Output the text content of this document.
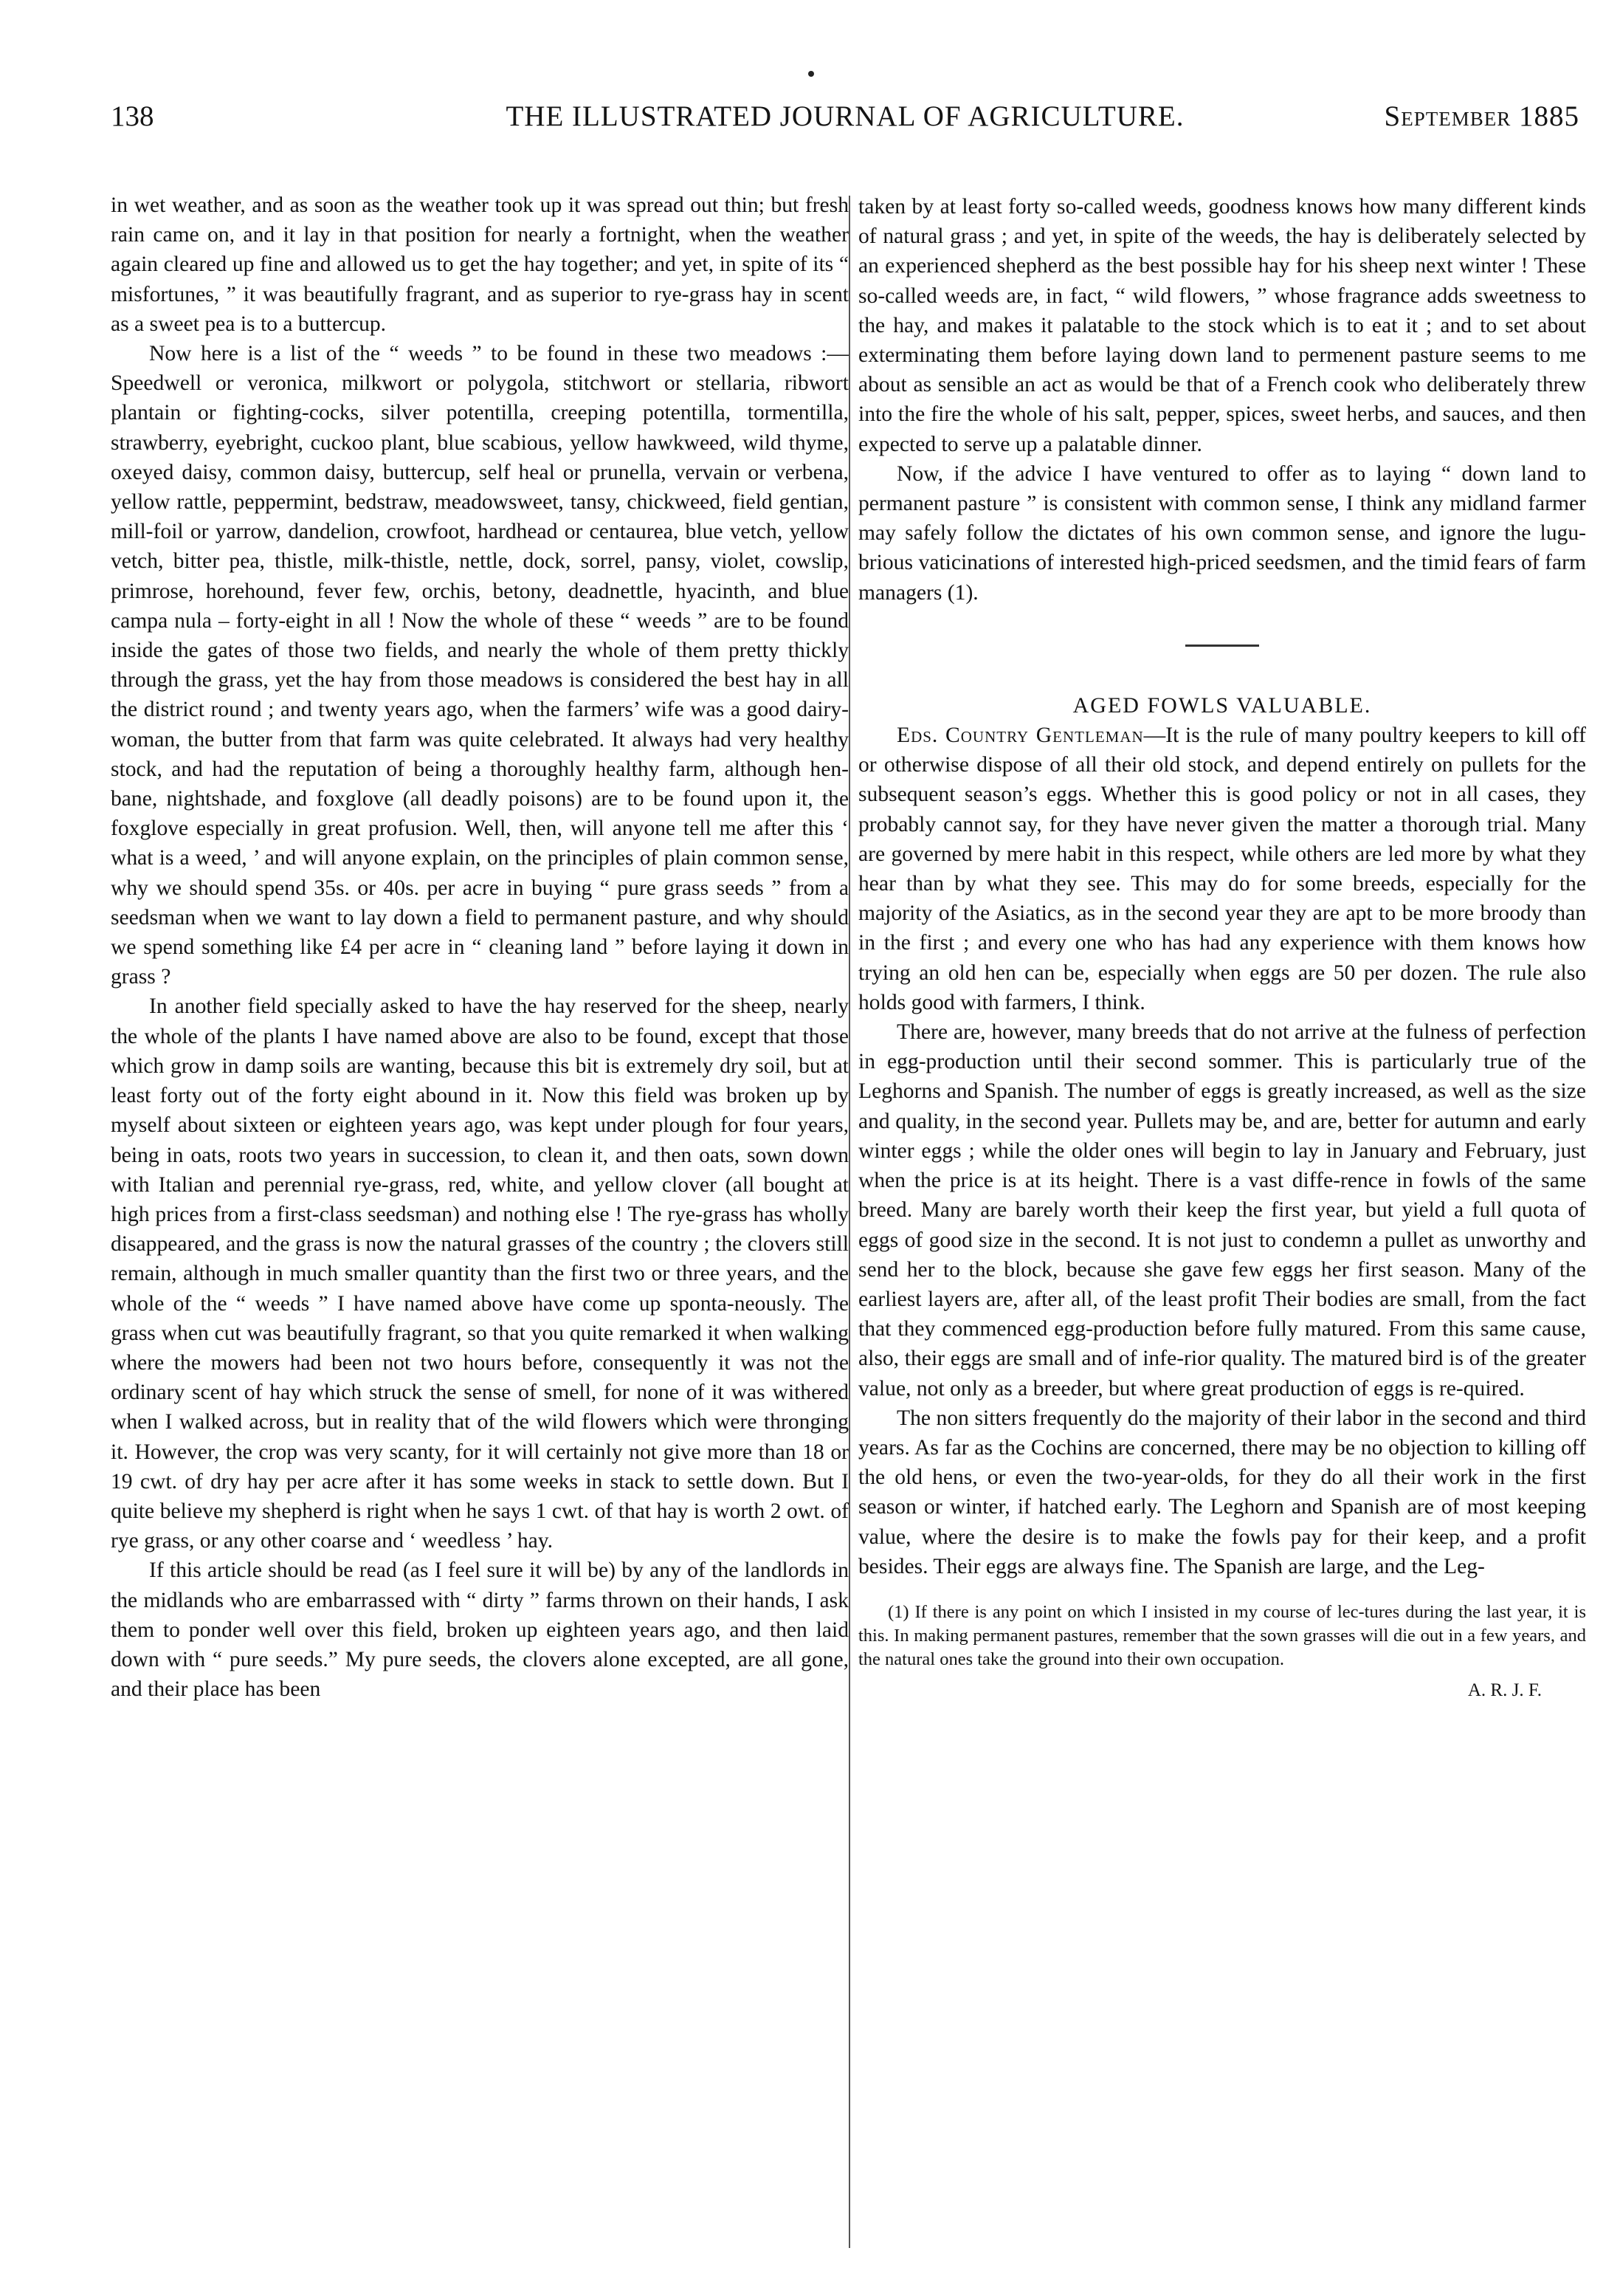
138	THE ILLUSTRATED JOURNAL OF AGRICULTURE.	September 1885

in wet weather, and as soon as the weather took up it was spread out thin; but fresh rain came on, and it lay in that position for nearly a fortnight, when the weather again cleared up fine and allowed us to get the hay together; and yet, in spite of its “ misfortunes, ” it was beautifully fragrant, and as superior to rye-grass hay in scent as a sweet pea is to a buttercup.

Now here is a list of the “ weeds ” to be found in these two meadows :—Speedwell or veronica, milkwort or polygola, stitchwort or stellaria, ribwort plantain or fighting-cocks, silver potentilla, creeping potentilla, tormentilla, strawberry, eyebright, cuckoo plant, blue scabious, yellow hawkweed, wild thyme, oxeyed daisy, common daisy, buttercup, self heal or prunella, vervain or verbena, yellow rattle, peppermint, bedstraw, meadowsweet, tansy, chickweed, field gentian, mill-foil or yarrow, dandelion, crowfoot, hardhead or centaurea, blue vetch, yellow vetch, bitter pea, thistle, milk-thistle, nettle, dock, sorrel, pansy, violet, cowslip, primrose, horehound, fever few, orchis, betony, deadnettle, hyacinth, and blue campa nula – forty-eight in all ! Now the whole of these “ weeds ” are to be found inside the gates of those two fields, and nearly the whole of them pretty thickly through the grass, yet the hay from those meadows is considered the best hay in all the district round ; and twenty years ago, when the farmers’ wife was a good dairy-woman, the butter from that farm was quite celebrated. It always had very healthy stock, and had the reputation of being a thoroughly healthy farm, although hen-bane, nightshade, and foxglove (all deadly poisons) are to be found upon it, the foxglove especially in great profusion. Well, then, will anyone tell me after this ‘ what is a weed, ’ and will anyone explain, on the principles of plain common sense, why we should spend 35s. or 40s. per acre in buying “ pure grass seeds ” from a seedsman when we want to lay down a field to permanent pasture, and why should we spend something like £4 per acre in “ cleaning land ” before laying it down in grass ?

In another field specially asked to have the hay reserved for the sheep, nearly the whole of the plants I have named above are also to be found, except that those which grow in damp soils are wanting, because this bit is extremely dry soil, but at least forty out of the forty eight abound in it. Now this field was broken up by myself about sixteen or eighteen years ago, was kept under plough for four years, being in oats, roots two years in succession, to clean it, and then oats, sown down with Italian and perennial rye-grass, red, white, and yellow clover (all bought at high prices from a first-class seedsman) and nothing else ! The rye-grass has wholly disappeared, and the grass is now the natural grasses of the country ; the clovers still remain, although in much smaller quantity than the first two or three years, and the whole of the “ weeds ” I have named above have come up sponta-neously. The grass when cut was beautifully fragrant, so that you quite remarked it when walking where the mowers had been not two hours before, consequently it was not the ordinary scent of hay which struck the sense of smell, for none of it was withered when I walked across, but in reality that of the wild flowers which were thronging it. However, the crop was very scanty, for it will certainly not give more than 18 or 19 cwt. of dry hay per acre after it has some weeks in stack to settle down. But I quite believe my shepherd is right when he says 1 cwt. of that hay is worth 2 owt. of rye grass, or any other coarse and ‘ weedless ’ hay.

If this article should be read (as I feel sure it will be) by any of the landlords in the midlands who are embarrassed with “ dirty ” farms thrown on their hands, I ask them to ponder well over this field, broken up eighteen years ago, and then laid down with “ pure seeds.” My pure seeds, the clovers alone excepted, are all gone, and their place has been

taken by at least forty so-called weeds, goodness knows how many different kinds of natural grass ; and yet, in spite of the weeds, the hay is deliberately selected by an experienced shepherd as the best possible hay for his sheep next winter ! These so-called weeds are, in fact, “ wild flowers, ” whose fragrance adds sweetness to the hay, and makes it palatable to the stock which is to eat it ; and to set about exterminating them before laying down land to permenent pasture seems to me about as sensible an act as would be that of a French cook who deliberately threw into the fire the whole of his salt, pepper, spices, sweet herbs, and sauces, and then expected to serve up a palatable dinner.

Now, if the advice I have ventured to offer as to laying “ down land to permanent pasture ” is consistent with common sense, I think any midland farmer may safely follow the dictates of his own common sense, and ignore the lugu-brious vaticinations of interested high-priced seedsmen, and the timid fears of farm managers (1).

AGED FOWLS VALUABLE.

Eds. Country Gentleman—It is the rule of many poultry keepers to kill off or otherwise dispose of all their old stock, and depend entirely on pullets for the subsequent season’s eggs. Whether this is good policy or not in all cases, they probably cannot say, for they have never given the matter a thorough trial. Many are governed by mere habit in this respect, while others are led more by what they hear than by what they see. This may do for some breeds, especially for the majority of the Asiatics, as in the second year they are apt to be more broody than in the first ; and every one who has had any experience with them knows how trying an old hen can be, especially when eggs are 50 per dozen. The rule also holds good with farmers, I think.

There are, however, many breeds that do not arrive at the fulness of perfection in egg-production until their second sommer. This is particularly true of the Leghorns and Spanish. The number of eggs is greatly increased, as well as the size and quality, in the second year. Pullets may be, and are, better for autumn and early winter eggs ; while the older ones will begin to lay in January and February, just when the price is at its height. There is a vast diffe-rence in fowls of the same breed. Many are barely worth their keep the first year, but yield a full quota of eggs of good size in the second. It is not just to condemn a pullet as unworthy and send her to the block, because she gave few eggs her first season. Many of the earliest layers are, after all, of the least profit Their bodies are small, from the fact that they commenced egg-production before fully matured. From this same cause, also, their eggs are small and of infe-rior quality. The matured bird is of the greater value, not only as a breeder, but where great production of eggs is re-quired.

The non sitters frequently do the majority of their labor in the second and third years. As far as the Cochins are concerned, there may be no objection to killing off the old hens, or even the two-year-olds, for they do all their work in the first season or winter, if hatched early. The Leghorn and Spanish are of most keeping value, where the desire is to make the fowls pay for their keep, and a profit besides. Their eggs are always fine. The Spanish are large, and the Leg-

(1) If there is any point on which I insisted in my course of lec-tures during the last year, it is this. In making permanent pastures, remember that the sown grasses will die out in a few years, and the natural ones take the ground into their own occupation.

A. R. J. F.
